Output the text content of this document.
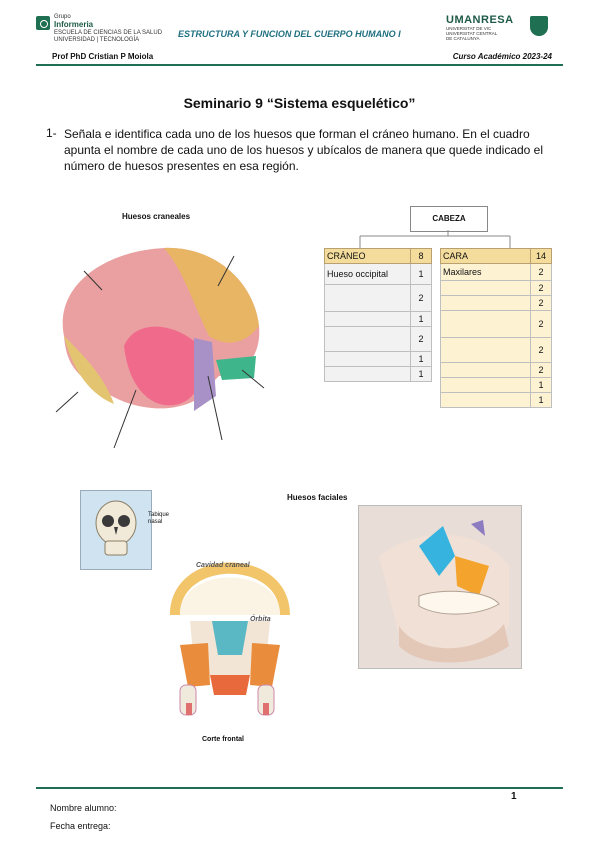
Grupo
Informeria
ESCUELA DE CIENCIAS DE LA SALUD
UNIVERSIDAD | TECNOLOGÍA
ESTRUCTURA Y FUNCION DEL CUERPO HUMANO I
UMANRESA
UNIVERSITAT DE VIC
UNIVERSITAT CENTRAL
DE CATALUNYA
Prof PhD Cristian P Moiola	Curso Académico 2023-24
Seminario 9 “Sistema esquelético”
1- Señala e identifica cada uno de los huesos que forman el cráneo humano. En el cuadro apunta el nombre de cada uno de los huesos y ubícalos de manera que quede indicado el número de huesos presentes en esa región.
Huesos craneales	CABEZA
CRÁNEO	8
Hueso occipital	1
	2
	1
	2
	1
	1
CARA	14
Maxilares	2
	2
	2
	2
	2
	2
	1
	1
Huesos faciales
Tabique nasal
Cavidad craneal
Órbita
Corte frontal
1
Nombre alumno:
Fecha entrega:
